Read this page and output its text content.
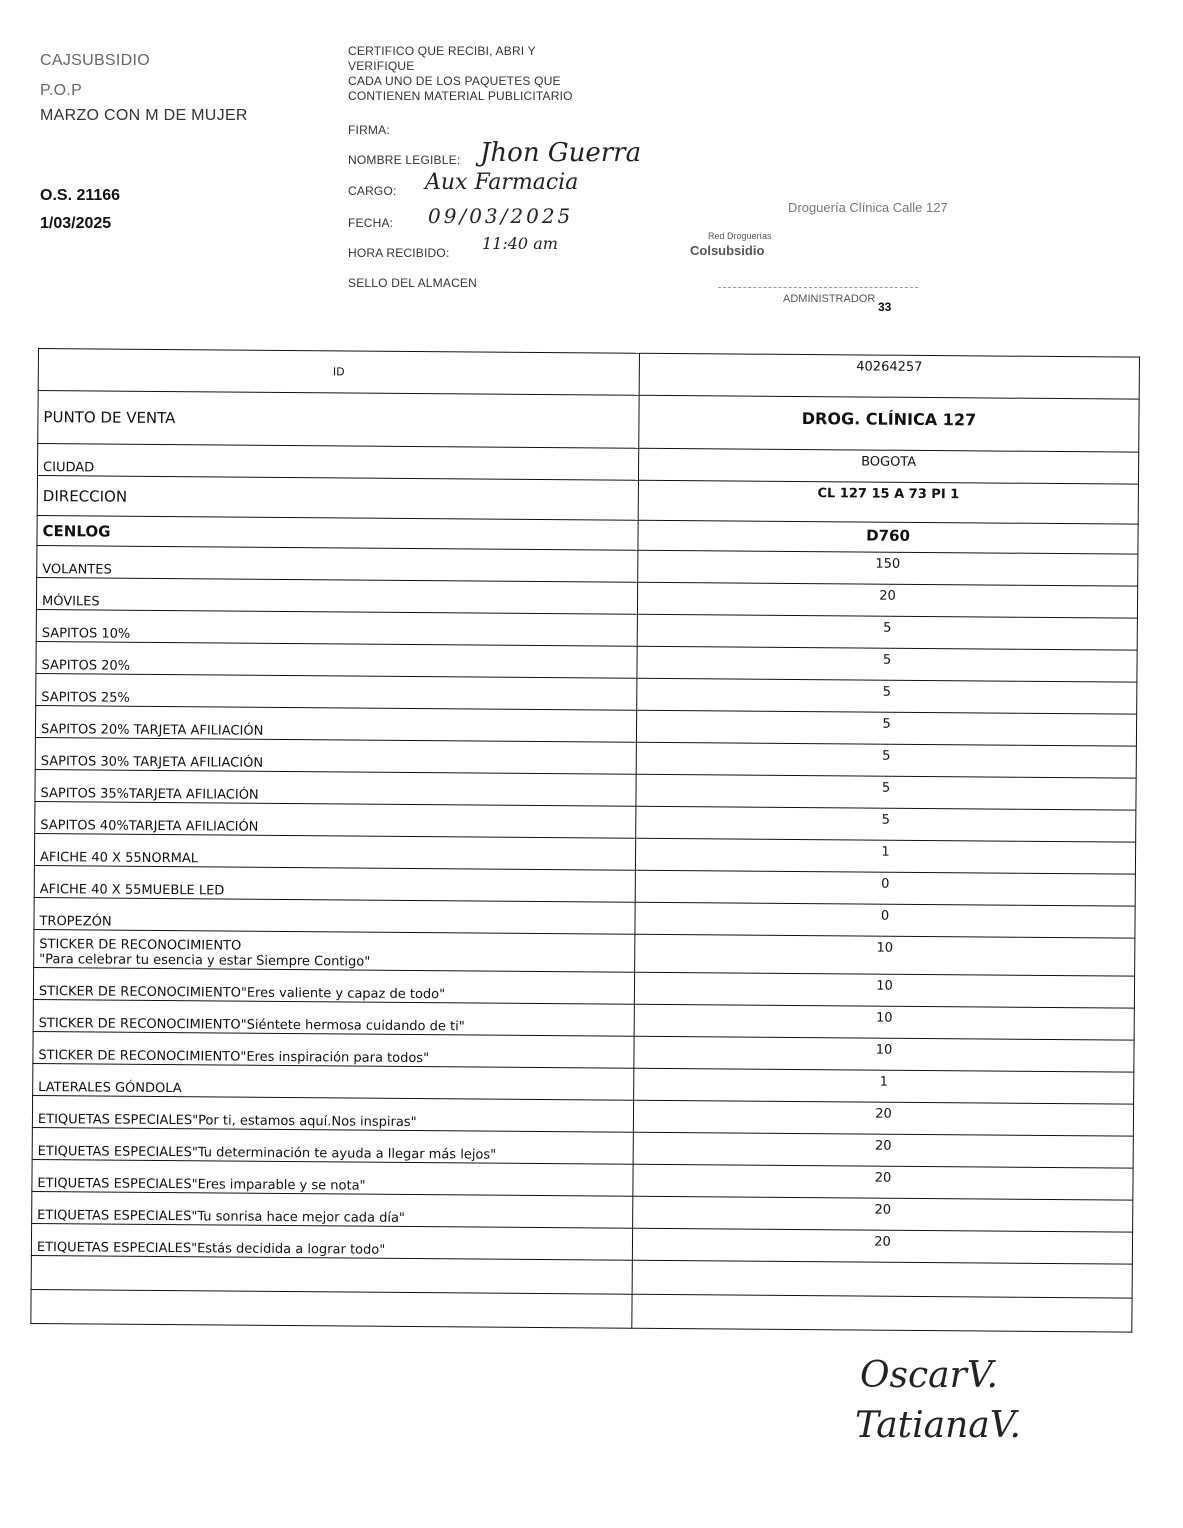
CAJSUBSIDIO
P.O.P
MARZO CON M DE MUJER
O.S. 21166
1/03/2025
CERTIFICO QUE RECIBI, ABRI Y
VERIFIQUE
CADA UNO DE LOS PAQUETES QUE
CONTIENEN MATERIAL PUBLICITARIO
FIRMA:
NOMBRE LEGIBLE: Jhon Guerra
CARGO: Aux Farmacia
FECHA: 09/03/2025
HORA RECIBIDO: 11:40 am
SELLO DEL ALMACEN
Droguería Clínica Calle 127
Red Droguerías
Colsubsidio
ADMINISTRADOR
33
ID	40264257
PUNTO DE VENTA	DROG. CLÍNICA 127
CIUDAD	BOGOTA
DIRECCION	CL 127 15 A 73 PI 1
CENLOG	D760
VOLANTES	150
MÓVILES	20
SAPITOS 10%	5
SAPITOS 20%	5
SAPITOS 25%	5
SAPITOS 20% TARJETA AFILIACIÓN	5
SAPITOS 30% TARJETA AFILIACIÓN	5
SAPITOS 35%TARJETA AFILIACIÓN	5
SAPITOS 40%TARJETA AFILIACIÓN	5
AFICHE 40 X 55NORMAL	1
AFICHE 40 X 55MUEBLE LED	0
TROPEZÓN	0
STICKER DE RECONOCIMIENTO
"Para celebrar tu esencia y estar Siempre Contigo"	10
STICKER DE RECONOCIMIENTO"Eres valiente y capaz de todo"	10
STICKER DE RECONOCIMIENTO"Siéntete hermosa cuidando de ti"	10
STICKER DE RECONOCIMIENTO"Eres inspiración para todos"	10
LATERALES GÓNDOLA	1
ETIQUETAS ESPECIALES"Por ti, estamos aquí.Nos inspiras"	20
ETIQUETAS ESPECIALES"Tu determinación te ayuda a llegar más lejos"	20
ETIQUETAS ESPECIALES"Eres imparable y se nota"	20
ETIQUETAS ESPECIALES"Tu sonrisa hace mejor cada día"	20
ETIQUETAS ESPECIALES"Estás decidida a lograr todo"	20

OscarV.
TatianaV.
